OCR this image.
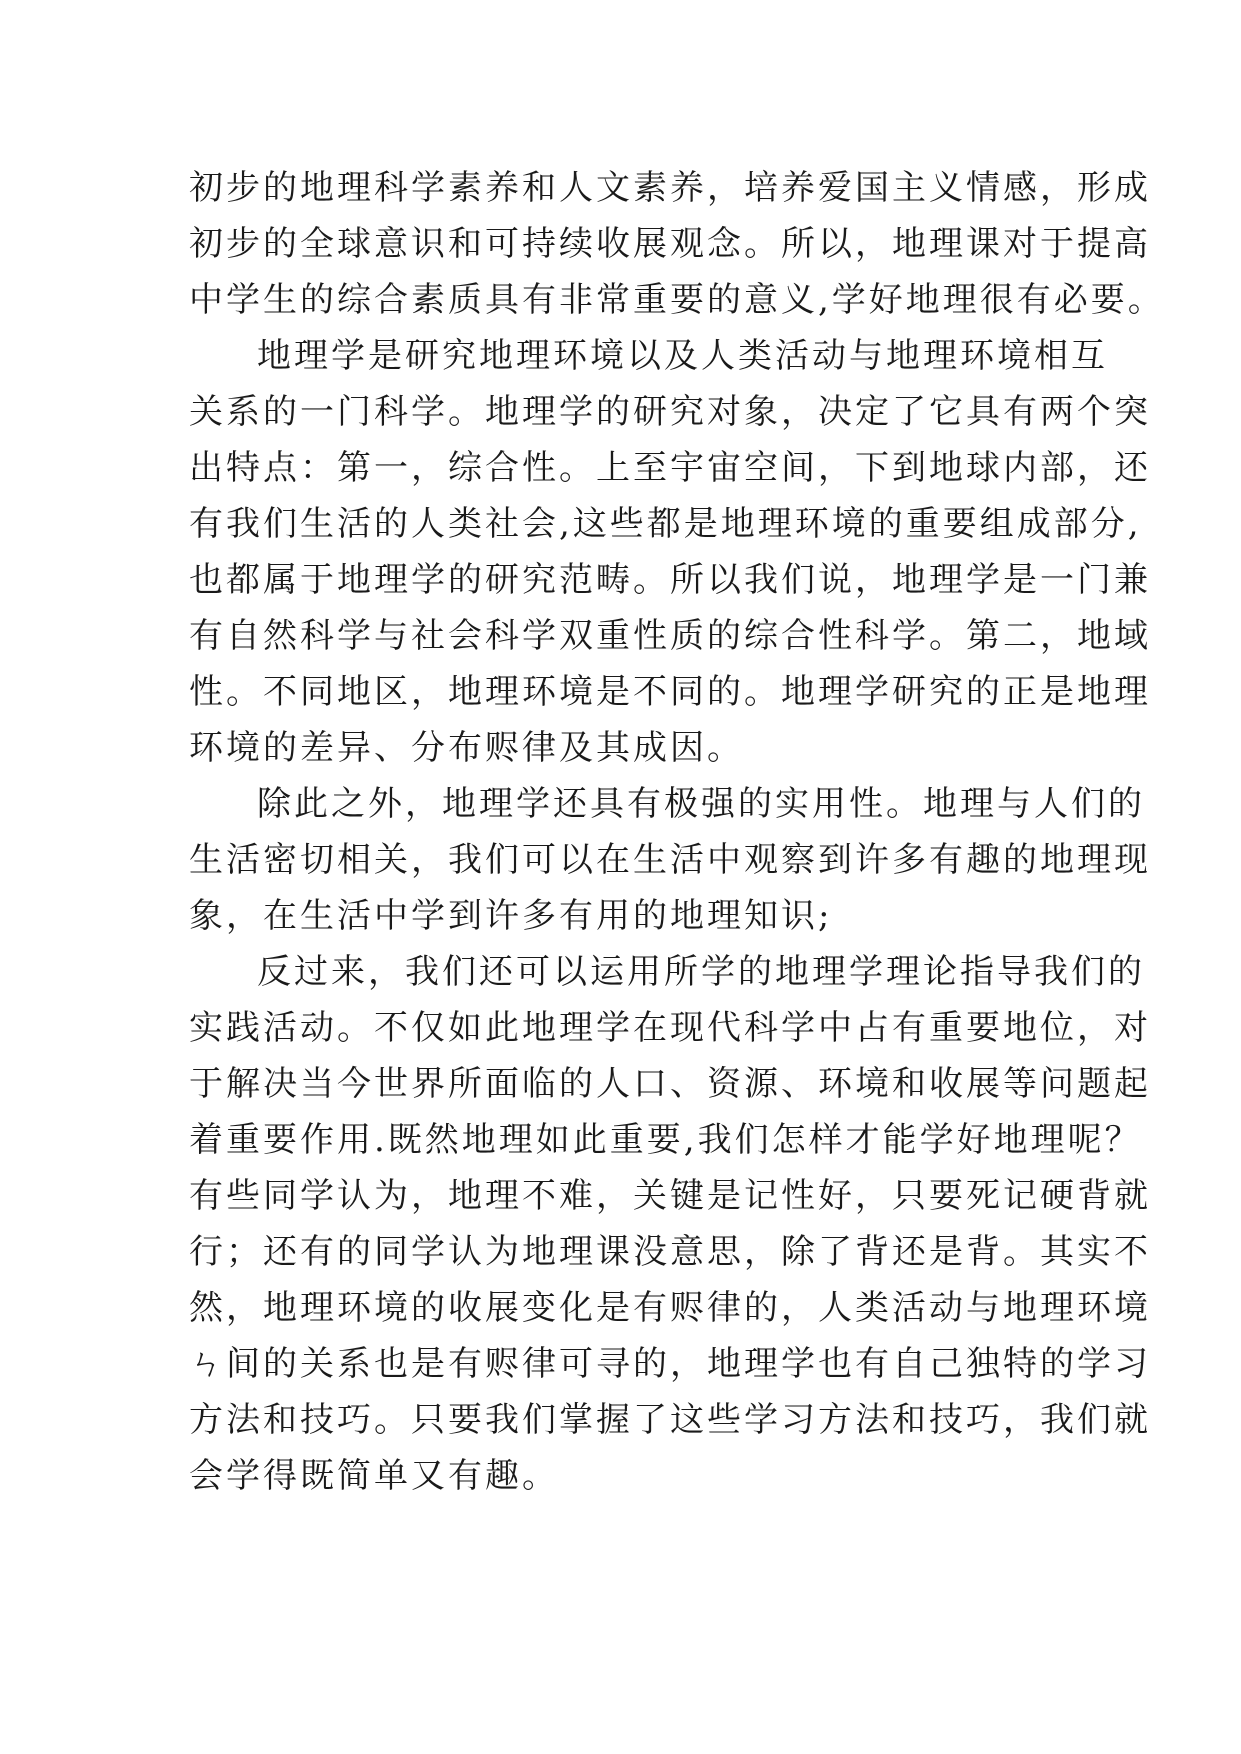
初步的地理科学素养和人文素养，培养爱国主义情感，形成
初步的全球意识和可持续收展观念。所以，地理课对于提高
中学生的综合素质具有非常重要的意义,学好地理很有必要。
地理学是研究地理环境以及人类活动与地理环境相互
关系的一门科学。地理学的研究对象，决定了它具有两个突
出特点：第一，综合性。上至宇宙空间，下到地球内部，还
有我们生活的人类社会,这些都是地理环境的重要组成部分,
也都属于地理学的研究范畴。所以我们说，地理学是一门兼
有自然科学与社会科学双重性质的综合性科学。第二，地域
性。不同地区，地理环境是不同的。地理学研究的正是地理
环境的差异、分布赆律及其成因。
除此之外，地理学还具有极强的实用性。地理与人们的
生活密切相关，我们可以在生活中观察到许多有趣的地理现
象，在生活中学到许多有用的地理知识;
反过来，我们还可以运用所学的地理学理论指导我们的
实践活动。不仅如此地理学在现代科学中占有重要地位，对
于解决当今世界所面临的人口、资源、环境和收展等问题起
着重要作用.既然地理如此重要,我们怎样才能学好地理呢？
有些同学认为，地理不难，关键是记性好，只要死记硬背就
行；还有的同学认为地理课没意思，除了背还是背。其实不
然，地理环境的收展变化是有赆律的，人类活动与地理环境
ㄣ间的关系也是有赆律可寻的，地理学也有自己独特的学习
方法和技巧。只要我们掌握了这些学习方法和技巧，我们就
会学得既简单又有趣。
